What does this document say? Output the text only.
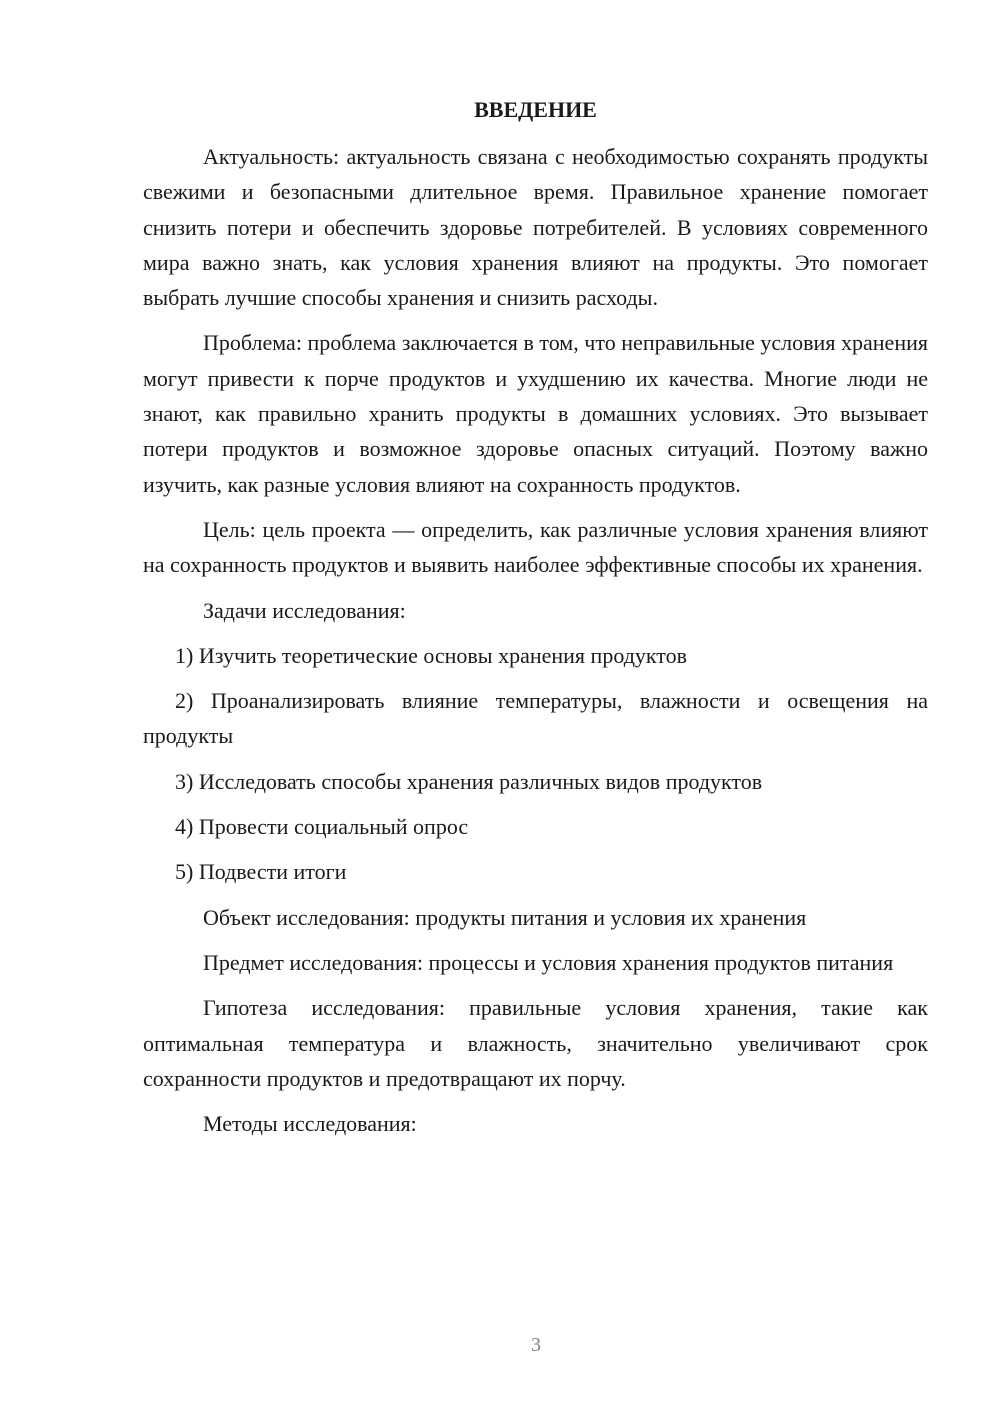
ВВЕДЕНИЕ

Актуальность: актуальность связана с необходимостью сохранять продукты свежими и безопасными длительное время. Правильное хранение помогает снизить потери и обеспечить здоровье потребителей. В условиях современного мира важно знать, как условия хранения влияют на продукты. Это помогает выбрать лучшие способы хранения и снизить расходы.

Проблема: проблема заключается в том, что неправильные условия хранения могут привести к порче продуктов и ухудшению их качества. Многие люди не знают, как правильно хранить продукты в домашних условиях. Это вызывает потери продуктов и возможное здоровье опасных ситуаций. Поэтому важно изучить, как разные условия влияют на сохранность продуктов.

Цель: цель проекта — определить, как различные условия хранения влияют на сохранность продуктов и выявить наиболее эффективные способы их хранения.

Задачи исследования:

1) Изучить теоретические основы хранения продуктов

2) Проанализировать влияние температуры, влажности и освещения на продукты

3) Исследовать способы хранения различных видов продуктов

4) Провести социальный опрос

5) Подвести итоги

Объект исследования: продукты питания и условия их хранения

Предмет исследования: процессы и условия хранения продуктов питания

Гипотеза исследования: правильные условия хранения, такие как оптимальная температура и влажность, значительно увеличивают срок сохранности продуктов и предотвращают их порчу.

Методы исследования:

3
